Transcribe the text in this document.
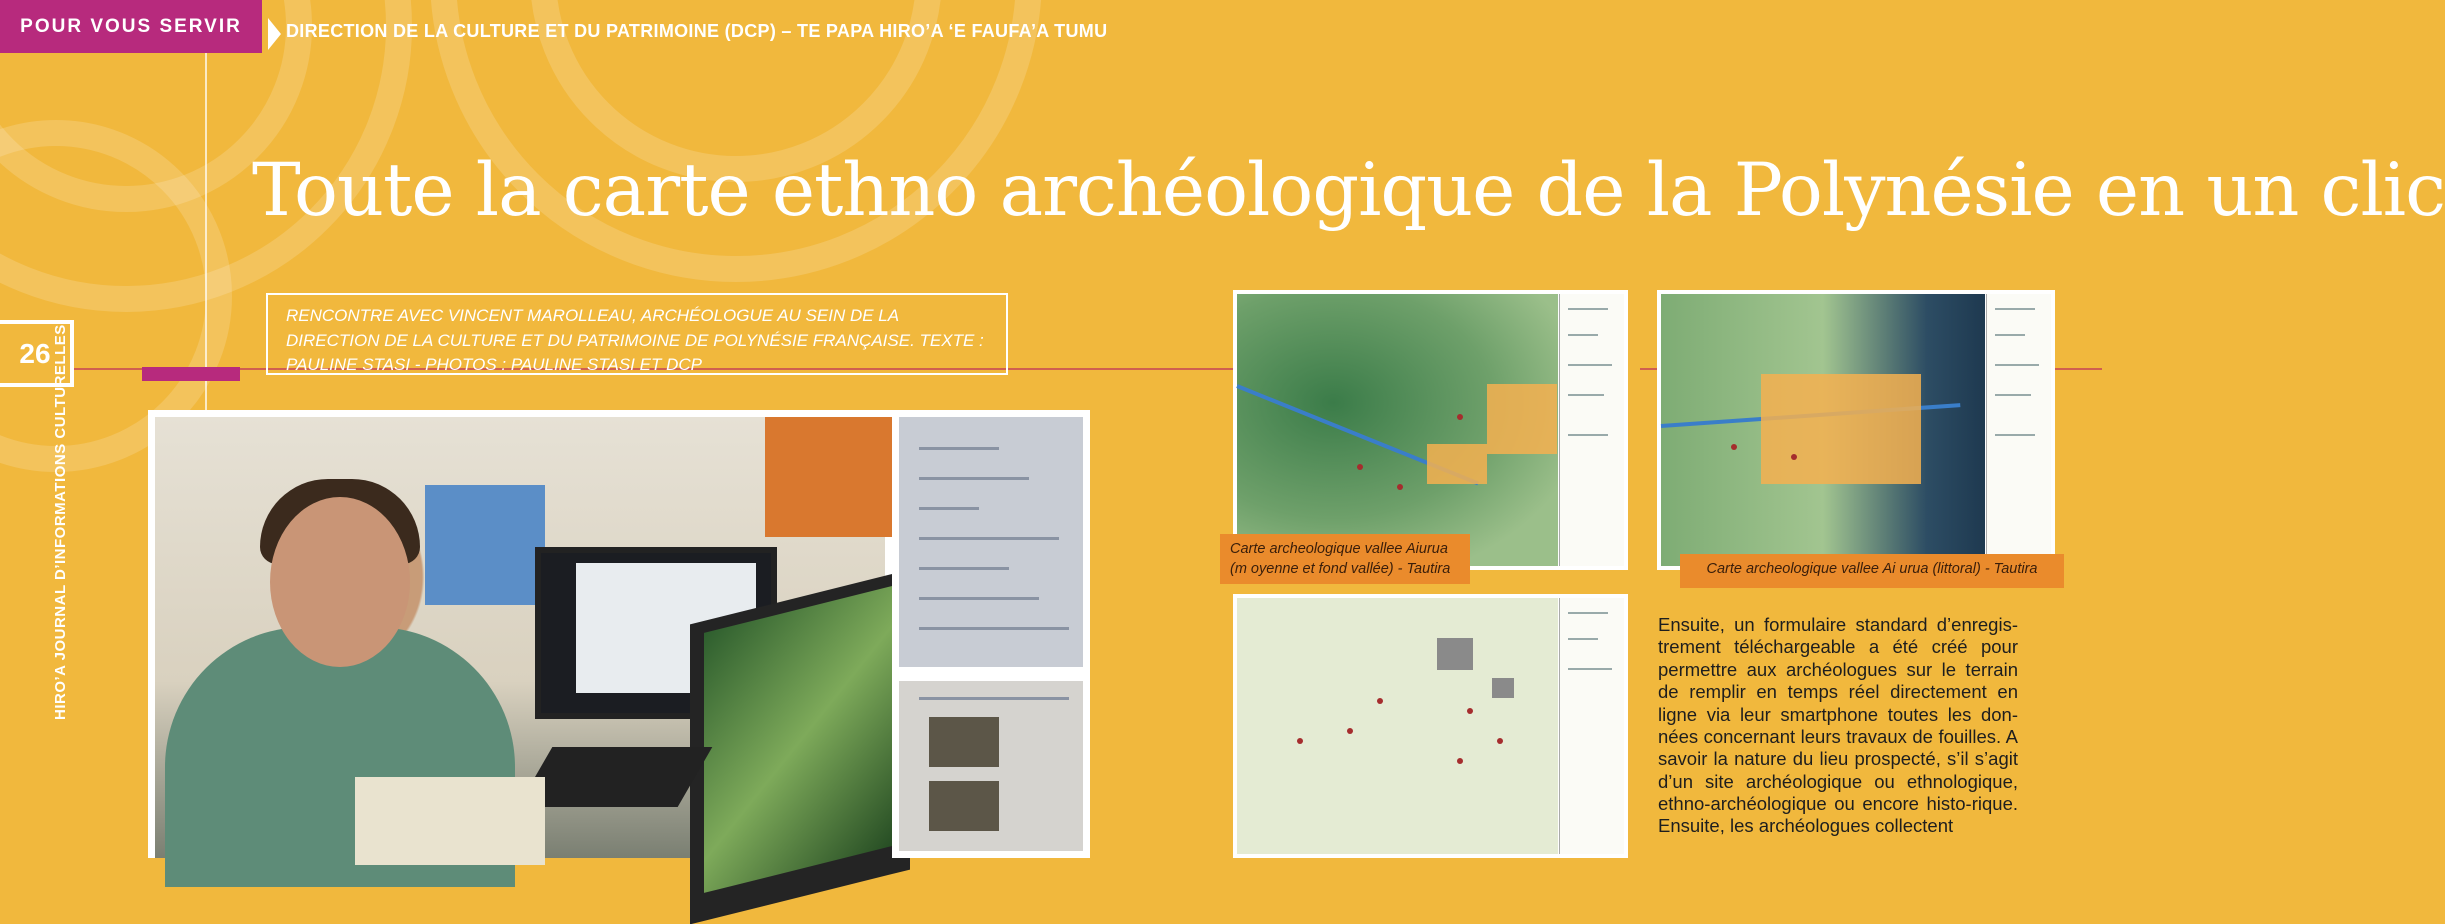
POUR VOUS SERVIR	DIRECTION DE LA CULTURE ET DU PATRIMOINE (DCP) – TE PAPA HIRO’A ‘E FAUFA’A TUMU
Toute la carte ethno archéologique de la Polynésie en un clic
26 HIRO’A JOURNAL D’INFORMATIONS CULTURELLES
RENCONTRE AVEC VINCENT MAROLLEAU, ARCHÉOLOGUE AU SEIN DE LA DIRECTION DE LA CULTURE ET DU PATRIMOINE DE POLYNÉSIE FRANÇAISE. TEXTE : PAULINE STASI - PHOTOS : PAULINE STASI ET DCP
Carte archeologique vallee Aiurua (m oyenne et fond vallée) - Tautira	Carte archeologique vallee Ai urua (littoral) - Tautira
Ensuite, un formulaire standard d’enregis-trement téléchargeable a été créé pour permettre aux archéologues sur le terrain de remplir en temps réel directement en ligne via leur smartphone toutes les don-nées concernant leurs travaux de fouilles. A savoir la nature du lieu prospecté, s’il s’agit d’un site archéologique ou ethnologique, ethno-archéologique ou encore histo-rique. Ensuite, les archéologues collectent
